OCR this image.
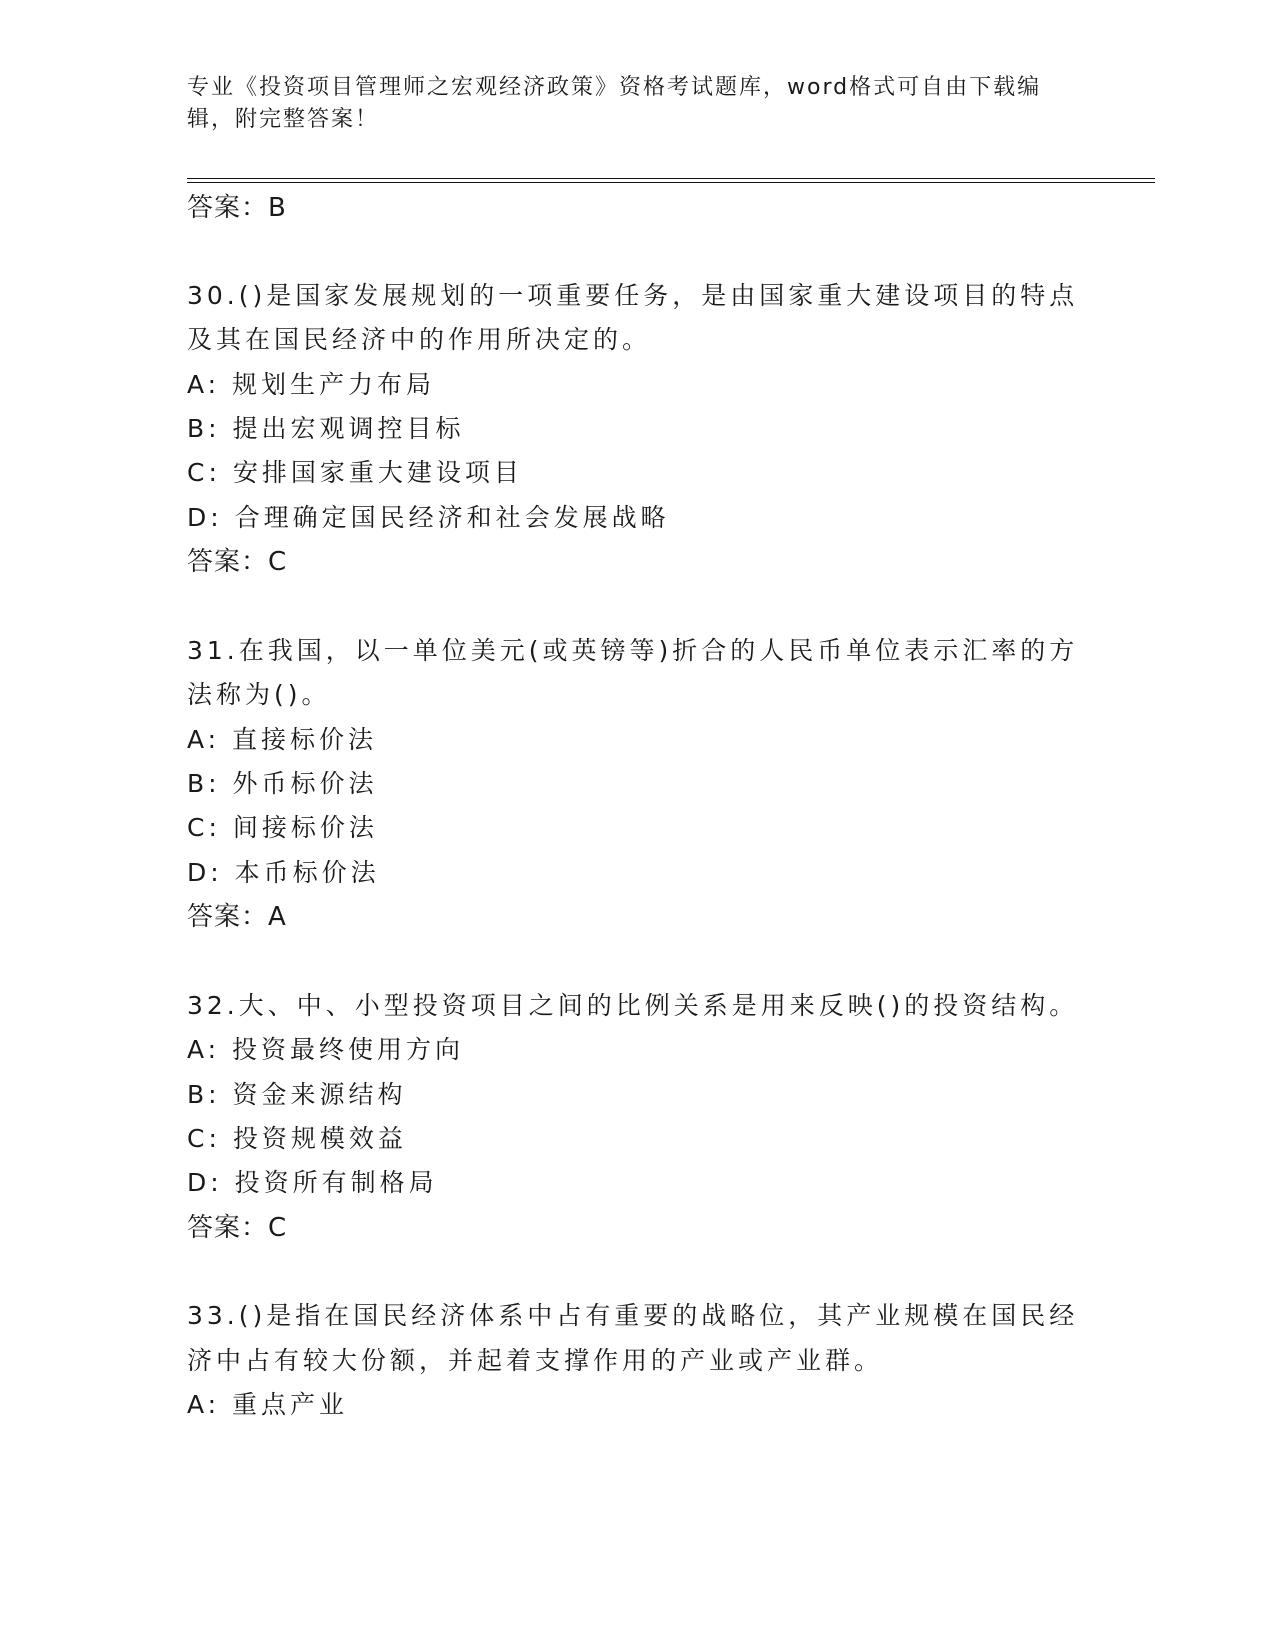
专业《投资项目管理师之宏观经济政策》资格考试题库，word格式可自由下载编
辑，附完整答案！
答案：B
30.()是国家发展规划的一项重要任务，是由国家重大建设项目的特点
及其在国民经济中的作用所决定的。
A: 规划生产力布局
B: 提出宏观调控目标
C: 安排国家重大建设项目
D: 合理确定国民经济和社会发展战略
答案：C
31.在我国，以一单位美元(或英镑等)折合的人民币单位表示汇率的方
法称为()。
A: 直接标价法
B: 外币标价法
C: 间接标价法
D: 本币标价法
答案：A
32.大、中、小型投资项目之间的比例关系是用来反映()的投资结构。
A: 投资最终使用方向
B: 资金来源结构
C: 投资规模效益
D: 投资所有制格局
答案：C
33.()是指在国民经济体系中占有重要的战略位，其产业规模在国民经
济中占有较大份额，并起着支撑作用的产业或产业群。
A: 重点产业
